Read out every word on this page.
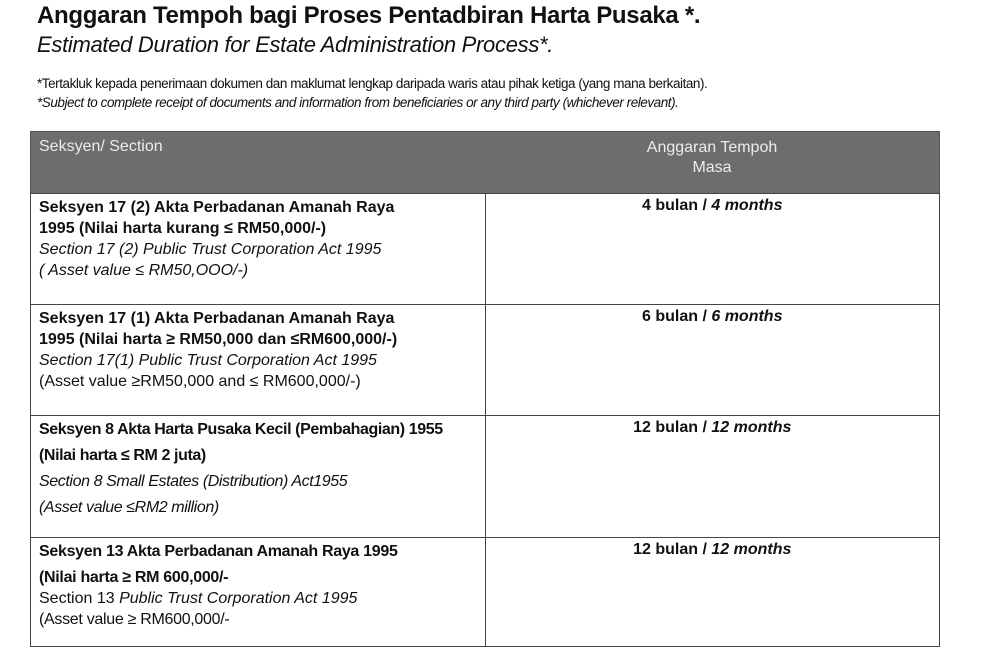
Anggaran Tempoh bagi Proses Pentadbiran Harta Pusaka *.
Estimated Duration for Estate Administration Process*.
*Tertakluk kepada penerimaan dokumen dan maklumat lengkap daripada waris atau pihak ketiga (yang mana berkaitan).
*Subject to complete receipt of documents and information from beneficiaries or any third party (whichever relevant).
Seksyen/ Section	Anggaran Tempoh
Masa

Seksyen 17 (2) Akta Perbadanan Amanah Raya
1995 (Nilai harta kurang ≤ RM50,000/-)
Section 17 (2) Public Trust Corporation Act 1995
( Asset value ≤ RM50,OOO/-)	4 bulan / 4 months

Seksyen 17 (1) Akta Perbadanan Amanah Raya
1995 (Nilai harta ≥ RM50,000 dan ≤RM600,000/-)
Section 17(1) Public Trust Corporation Act 1995
(Asset value ≥RM50,000 and ≤ RM600,000/-)	6 bulan / 6 months

Seksyen 8 Akta Harta Pusaka Kecil (Pembahagian) 1955
(Nilai harta ≤ RM 2 juta)
Section 8 Small Estates (Distribution) Act1955
(Asset value ≤RM2 million)	12 bulan / 12 months

Seksyen 13 Akta Perbadanan Amanah Raya 1995
(Nilai harta ≥ RM 600,000/-
Section 13 Public Trust Corporation Act 1995
(Asset value ≥ RM600,000/-	12 bulan / 12 months
